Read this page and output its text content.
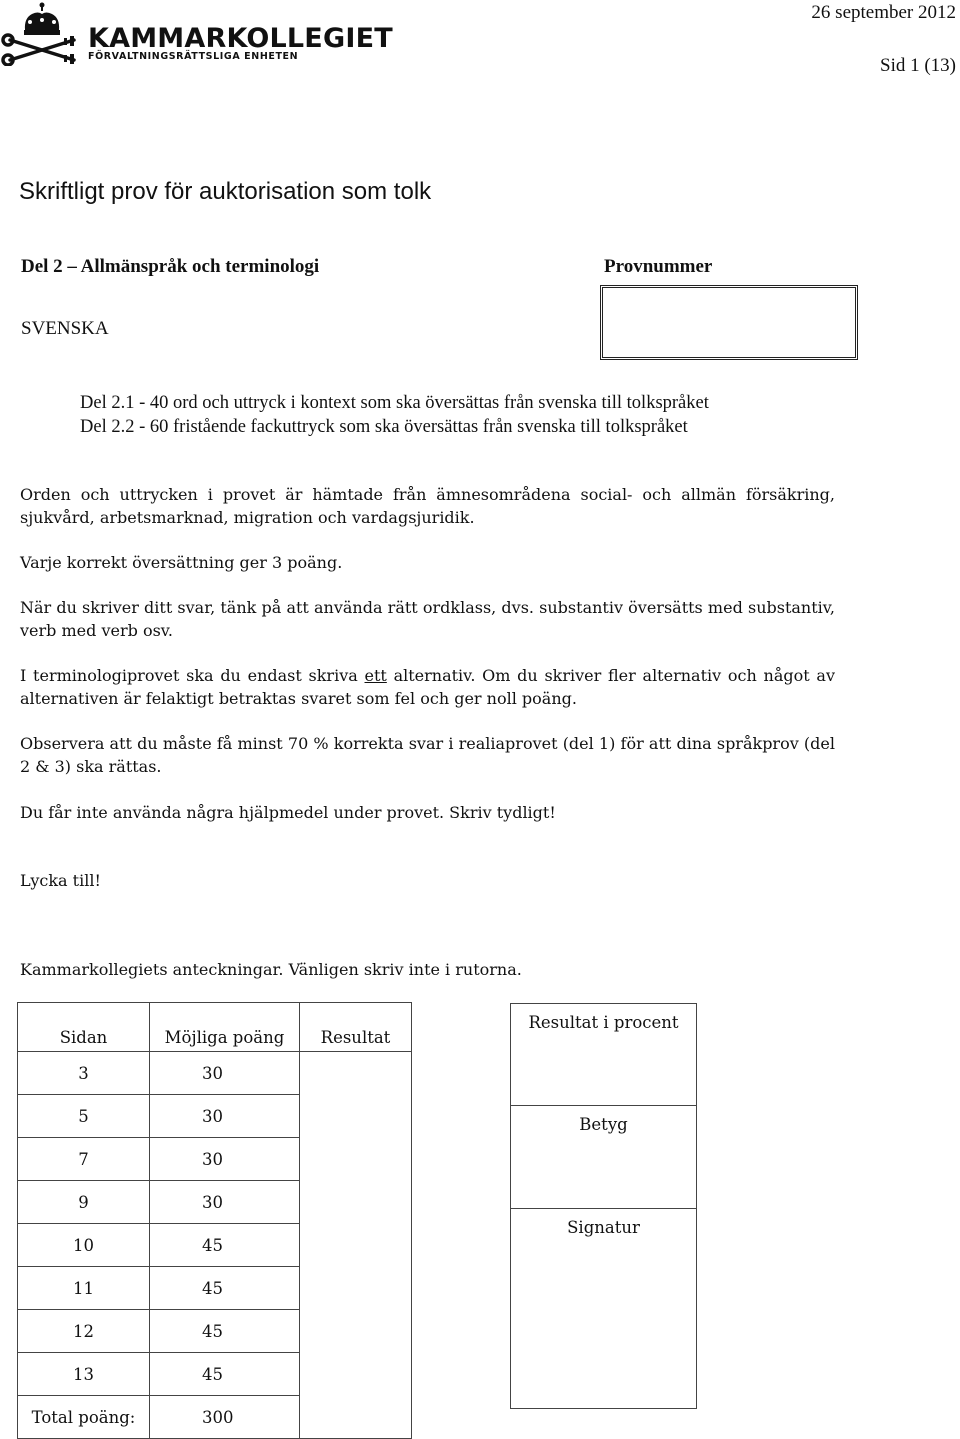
KAMMARKOLLEGIET
FÖRVALTNINGSRÄTTSLIGA ENHETEN
26 september 2012
Sid 1 (13)
Skriftligt prov för auktorisation som tolk
Del 2 – Allmänspråk och terminologi
SVENSKA
Provnummer
Del 2.1 - 40 ord och uttryck i kontext som ska översättas från svenska till tolkspråket
Del 2.2 - 60 fristående fackuttryck som ska översättas från svenska till tolkspråket
Orden och uttrycken i provet är hämtade från ämnesområdena social- och allmän försäkring, sjukvård, arbetsmarknad, migration och vardagsjuridik.
Varje korrekt översättning ger 3 poäng.
När du skriver ditt svar, tänk på att använda rätt ordklass, dvs. substantiv översätts med substantiv, verb med verb osv.
I terminologiprovet ska du endast skriva ett alternativ. Om du skriver fler alternativ och något av alternativen är felaktigt betraktas svaret som fel och ger noll poäng.
Observera att du måste få minst 70 % korrekta svar i realiaprovet (del 1) för att dina språkprov (del 2 & 3) ska rättas.
Du får inte använda några hjälpmedel under provet. Skriv tydligt!
Lycka till!
Kammarkollegiets anteckningar. Vänligen skriv inte i rutorna.
Sidan	Möjliga poäng	Resultat
3	30	
5	30	
7	30	
9	30	
10	45	
11	45	
12	45	
13	45	
Total poäng:	300	
Resultat i procent
Betyg
Signatur
